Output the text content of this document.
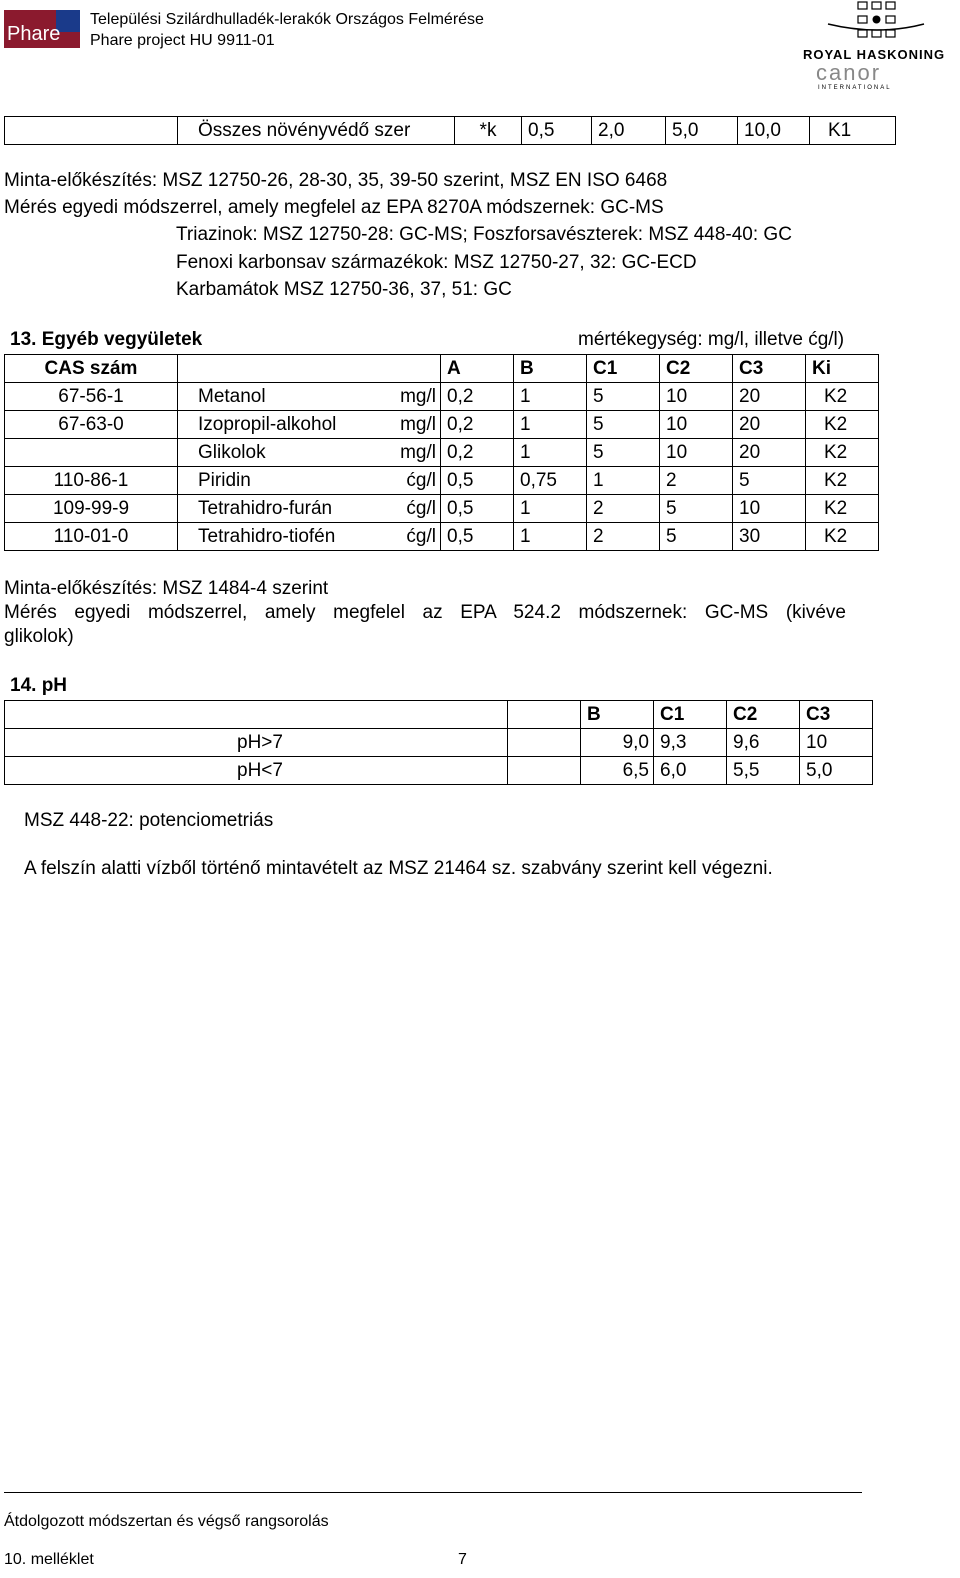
Phare
Települési Szilárdhulladék-lerakók Országos Felmérése
Phare project HU 9911-01
ROYAL HASKONING
canor
INTERNATIONAL
	Összes növényvédő szer	*k	0,5	2,0	5,0	10,0	K1
Minta-előkészítés: MSZ 12750-26, 28-30, 35, 39-50 szerint, MSZ EN ISO 6468
Mérés egyedi módszerrel, amely megfelel az EPA 8270A módszernek: GC-MS
Triazinok: MSZ 12750-28: GC-MS; Foszforsavészterek: MSZ 448-40: GC
Fenoxi karbonsav származékok: MSZ 12750-27, 32: GC-ECD
Karbamátok MSZ 12750-36, 37, 51: GC
13. Egyéb vegyületek	mértékegység: mg/l, illetve ćg/l)
CAS szám			A	B	C1	C2	C3	Ki
67-56-1	Metanol	mg/l	0,2	1	5	10	20	K2
67-63-0	Izopropil-alkohol	mg/l	0,2	1	5	10	20	K2
	Glikolok	mg/l	0,2	1	5	10	20	K2
110-86-1	Piridin	ćg/l	0,5	0,75	1	2	5	K2
109-99-9	Tetrahidro-furán	ćg/l	0,5	1	2	5	10	K2
110-01-0	Tetrahidro-tiofén	ćg/l	0,5	1	2	5	30	K2
Minta-előkészítés: MSZ 1484-4 szerint
Mérés egyedi módszerrel, amely megfelel az EPA 524.2 módszernek: GC-MS (kivéve
glikolok)
14. pH
		B	C1	C2	C3
pH>7		9,0	9,3	9,6	10
pH<7		6,5	6,0	5,5	5,0
MSZ 448-22: potenciometriás
A felszín alatti vízből történő mintavételt az MSZ 21464 sz. szabvány szerint kell végezni.
Átdolgozott módszertan és végső rangsorolás
10. melléklet	7
